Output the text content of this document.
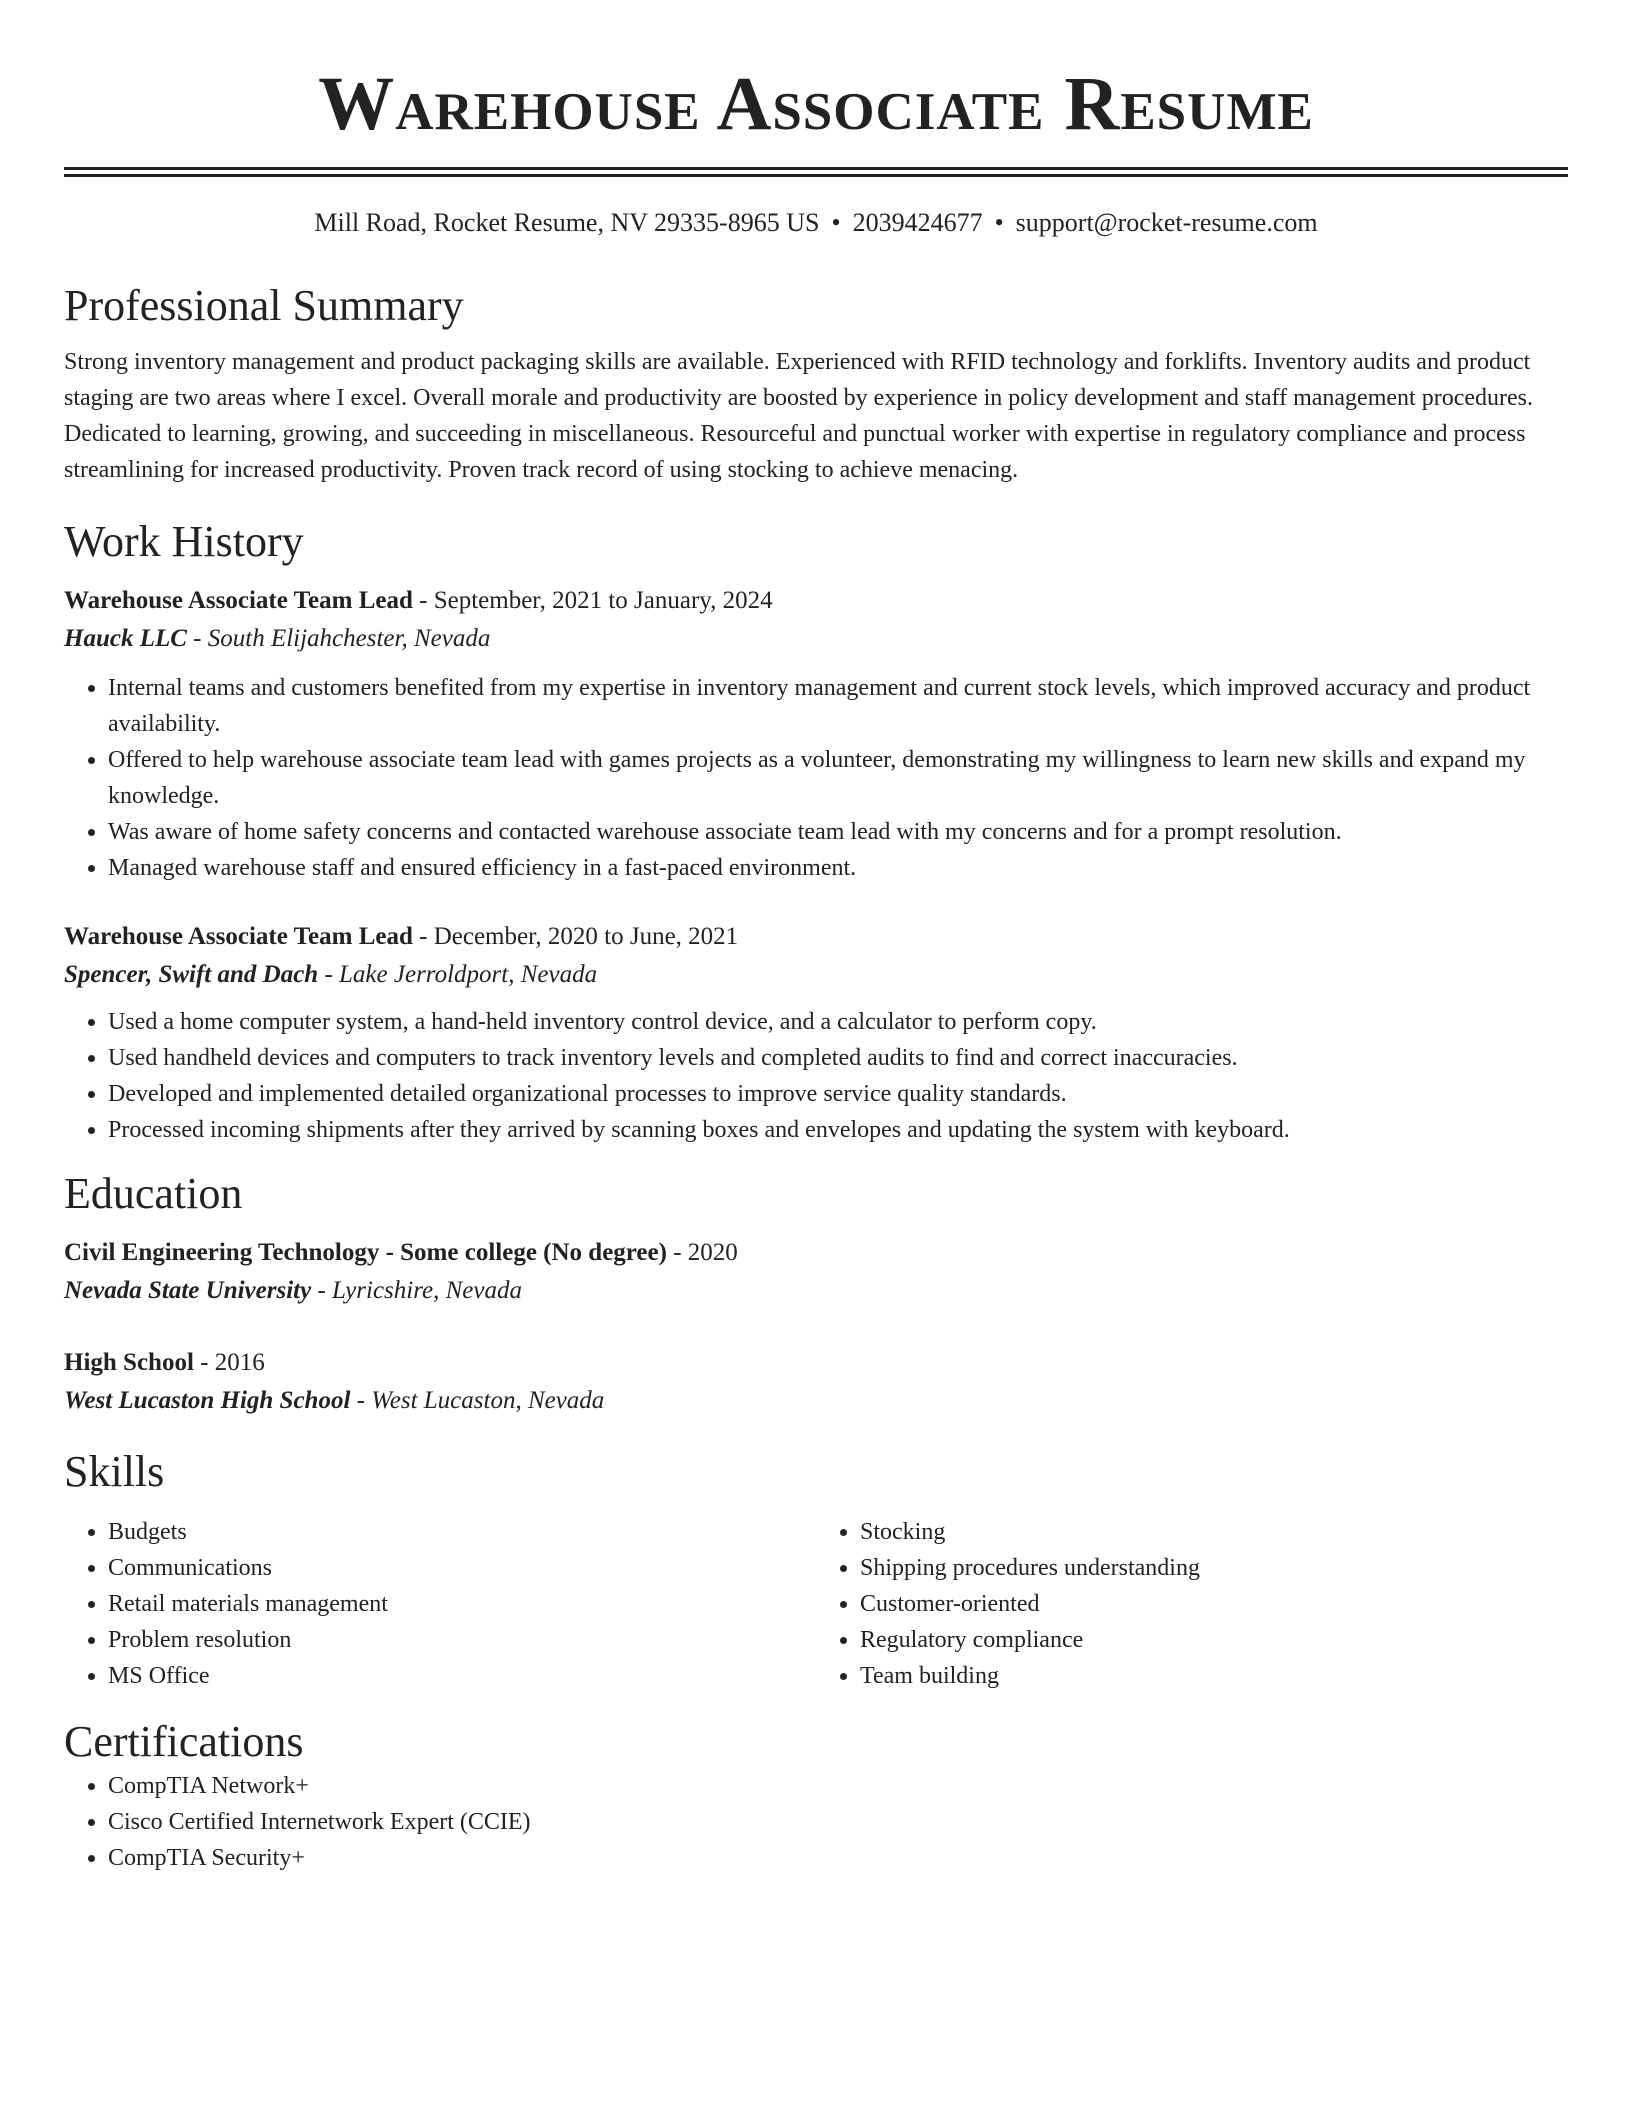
Warehouse Associate Resume
Mill Road, Rocket Resume, NV 29335-8965 US • 2039424677 • support@rocket-resume.com
Professional Summary

Strong inventory management and product packaging skills are available. Experienced with RFID technology and forklifts. Inventory audits and product staging are two areas where I excel. Overall morale and productivity are boosted by experience in policy development and staff management procedures. Dedicated to learning, growing, and succeeding in miscellaneous. Resourceful and punctual worker with expertise in regulatory compliance and process streamlining for increased productivity. Proven track record of using stocking to achieve menacing.

Work History
Warehouse Associate Team Lead - September, 2021 to January, 2024
Hauck LLC - South Elijahchester, Nevada
• Internal teams and customers benefited from my expertise in inventory management and current stock levels, which improved accuracy and product availability.
• Offered to help warehouse associate team lead with games projects as a volunteer, demonstrating my willingness to learn new skills and expand my knowledge.
• Was aware of home safety concerns and contacted warehouse associate team lead with my concerns and for a prompt resolution.
• Managed warehouse staff and ensured efficiency in a fast-paced environment.
Warehouse Associate Team Lead - December, 2020 to June, 2021
Spencer, Swift and Dach - Lake Jerroldport, Nevada
• Used a home computer system, a hand-held inventory control device, and a calculator to perform copy.
• Used handheld devices and computers to track inventory levels and completed audits to find and correct inaccuracies.
• Developed and implemented detailed organizational processes to improve service quality standards.
• Processed incoming shipments after they arrived by scanning boxes and envelopes and updating the system with keyboard.
Education
Civil Engineering Technology - Some college (No degree) - 2020
Nevada State University - Lyricshire, Nevada
High School - 2016
West Lucaston High School - West Lucaston, Nevada
Skills
• Budgets
• Communications
• Retail materials management
• Problem resolution
• MS Office
• Stocking
• Shipping procedures understanding
• Customer-oriented
• Regulatory compliance
• Team building
Certifications
• CompTIA Network+
• Cisco Certified Internetwork Expert (CCIE)
• CompTIA Security+
